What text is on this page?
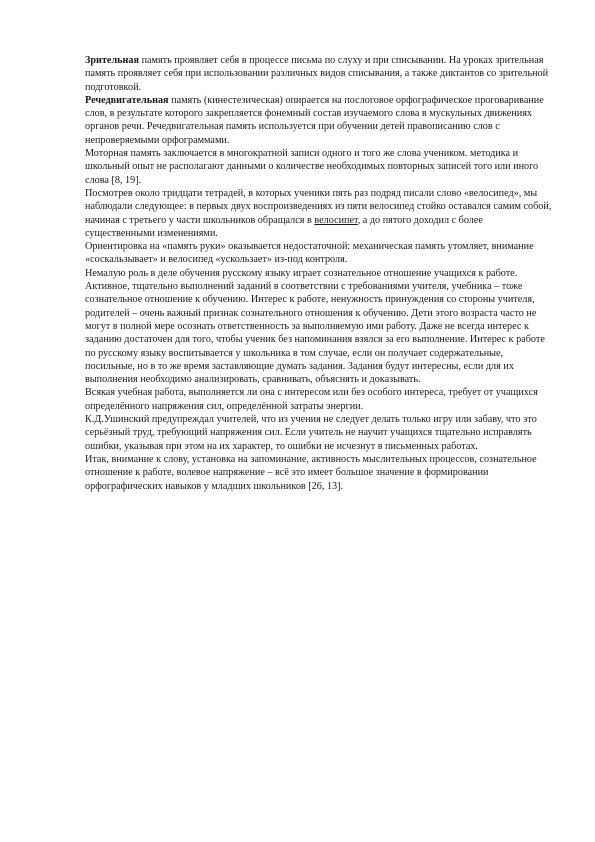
Зрительная память проявляет себя в процессе письма по слуху и при списывании. На уроках зрительная память проявляет себя при использовании различных видов списывания, а также диктантов со зрительной подготовкой.

Речедвигательная память (кинестезическая) опирается на послоговое орфографическое проговаривание слов, в результате которого закрепляется фонемный состав изучаемого слова в мускульных движениях органов речи. Речедвигательная память используется при обучении детей правописанию слов с непроверяемыми орфограммами.

Моторная память заключается в многократной записи одного и того же слова учеником. методика и школьный опыт не располагают данными о количестве необходимых повторных записей того или иного слова [8, 19].

Посмотрев около тридцати тетрадей, в которых ученики пять раз подряд писали слово «велосипед», мы наблюдали следующее: в первых двух воспроизведениях из пяти велосипед стойко оставался самим собой, начиная с третьего у части школьников обращался в велосипет, а до пятого доходил с более существенными изменениями.

Ориентировка на «память руки» оказывается недостаточной: механическая память утомляет, внимание «соскальзывает» и велосипед «ускользает» из-под контроля.

Немалую роль в деле обучения русскому языку играет сознательное отношение учащихся к работе. Активное, тщательно выполнений заданий в соответствии с требованиями учителя, учебника – тоже сознательное отношение к обучению. Интерес к работе, ненужность принуждения со стороны учителя, родителей – очень важный признак сознательного отношения к обучению. Дети этого возраста часто не могут в полной мере осознать ответственность за выполняемую ими работу. Даже не всегда интерес к заданию достаточен для того, чтобы ученик без напоминания взялся за его выполнение. Интерес к работе по русскому языку воспитывается у школьника в том случае, если он получает содержательные, посильные, но в то же время заставляющие думать задания. Задания будут интересны, если для их выполнения необходимо анализировать, сравнивать, объяснять и доказывать.

Всякая учебная работа, выполняется ли она с интересом или без особого интереса, требует от учащихся определённого напряжения сил, определённой затраты энергии.

К.Д.Ушинский предупреждал учителей, что из учения не следует делать только игру или забаву, что это серьёзный труд, требующий напряжения сил. Если учитель не научит учащихся тщательно исправлять ошибки, указывая при этом на их характер, то ошибки не исчезнут в письменных работах.

Итак, внимание к слову, установка на запоминание, активность мыслительных процессов, сознательное отношение к работе, волевое напряжение – всё это имеет большое значение в формировании орфографических навыков у младших школьников [26, 13].
